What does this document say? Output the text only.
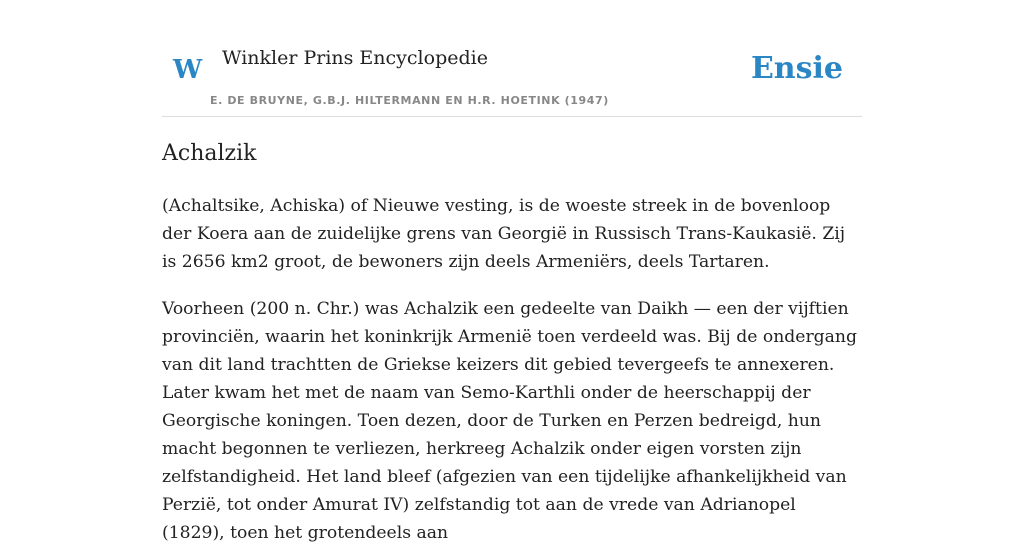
W Winkler Prins Encyclopedie
E. DE BRUYNE, G.B.J. HILTERMANN EN H.R. HOETINK (1947)
Ensie
Achalzik

(Achaltsike, Achiska) of Nieuwe vesting, is de woeste streek in de bovenloop der Koera aan de zuidelijke grens van Georgië in Russisch Trans-Kaukasië. Zij is 2656 km2 groot, de bewoners zijn deels Armeniërs, deels Tartaren.

Voorheen (200 n. Chr.) was Achalzik een gedeelte van Daikh — een der vijftien provinciën, waarin het koninkrijk Armenië toen verdeeld was. Bij de ondergang van dit land trachtten de Griekse keizers dit gebied tevergeefs te annexeren. Later kwam het met de naam van Semo-Karthli onder de heerschappij der Georgische koningen. Toen dezen, door de Turken en Perzen bedreigd, hun macht begonnen te verliezen, herkreeg Achalzik onder eigen vorsten zijn zelfstandigheid. Het land bleef (afgezien van een tijdelijke afhankelijkheid van Perzië, tot onder Amurat IV) zelfstandig tot aan de vrede van Adrianopel (1829), toen het grotendeels aan
